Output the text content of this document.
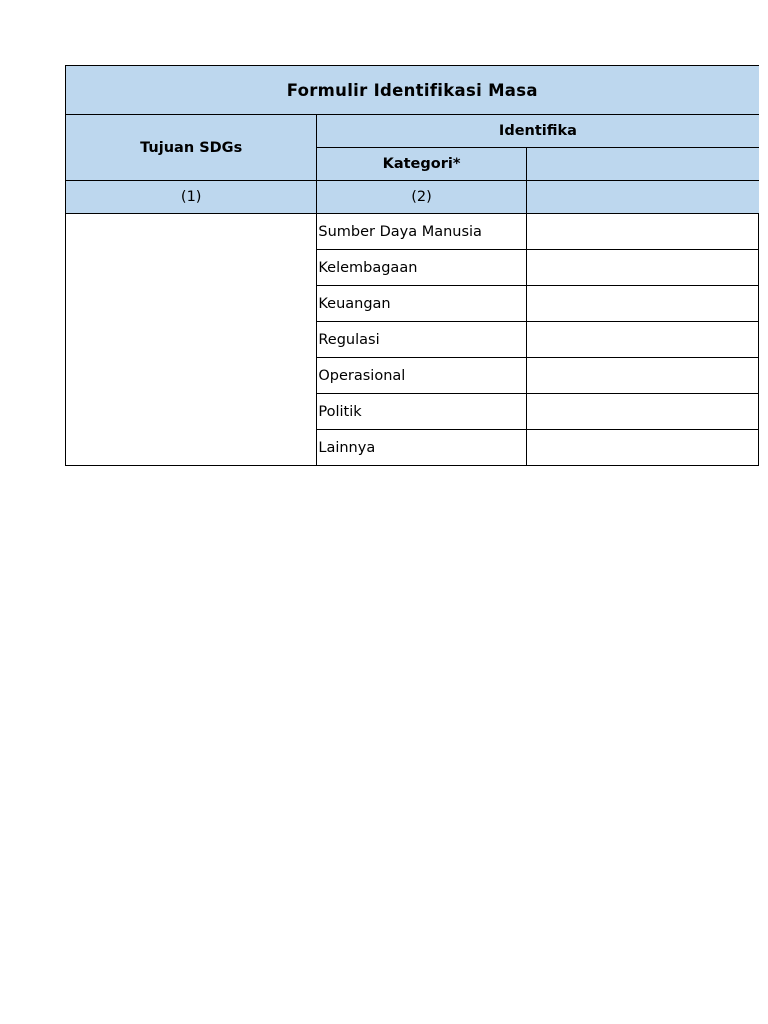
Formulir Identifikasi Masa		
Tujuan SDGs	Identifika	
	Kategori*	
(1)	(2)	
	Sumber Daya Manusia	
	Kelembagaan	
	Keuangan	
	Regulasi	
	Operasional	
	Politik	
	Lainnya	
